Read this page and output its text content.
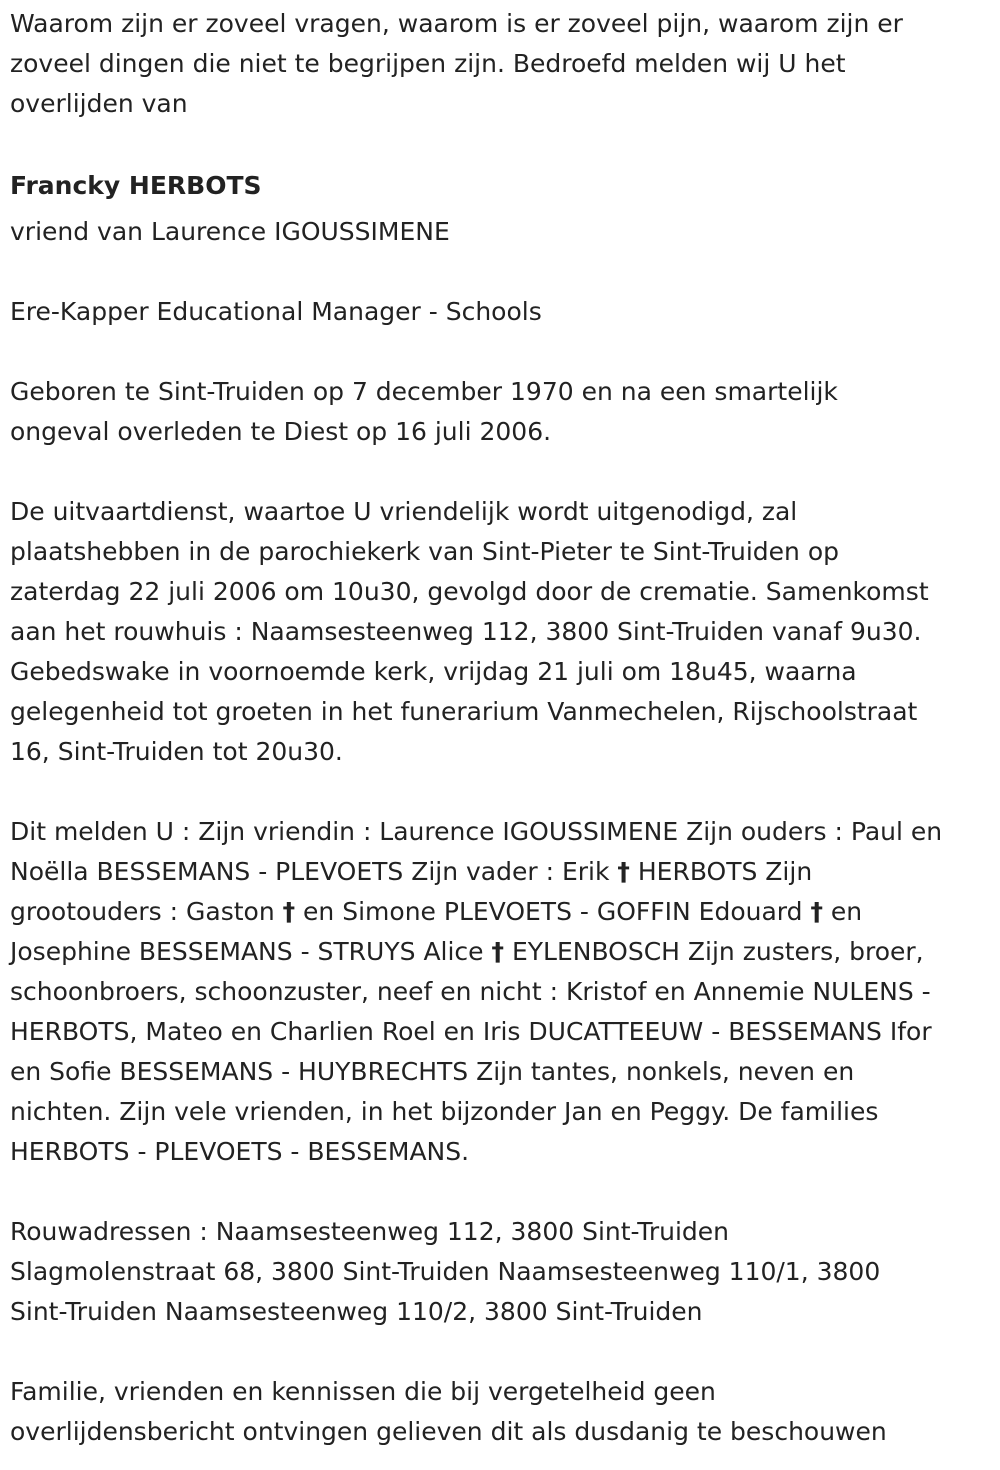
Waarom zijn er zoveel vragen, waarom is er zoveel pijn, waarom zijn er
zoveel dingen die niet te begrijpen zijn. Bedroefd melden wij U het
overlijden van
Francky HERBOTS
vriend van Laurence IGOUSSIMENE
Ere-Kapper Educational Manager - Schools
Geboren te Sint-Truiden op 7 december 1970 en na een smartelijk
ongeval overleden te Diest op 16 juli 2006.
De uitvaartdienst, waartoe U vriendelijk wordt uitgenodigd, zal
plaatshebben in de parochiekerk van Sint-Pieter te Sint-Truiden op
zaterdag 22 juli 2006 om 10u30, gevolgd door de crematie. Samenkomst
aan het rouwhuis : Naamsesteenweg 112, 3800 Sint-Truiden vanaf 9u30.
Gebedswake in voornoemde kerk, vrijdag 21 juli om 18u45, waarna
gelegenheid tot groeten in het funerarium Vanmechelen, Rijschoolstraat
16, Sint-Truiden tot 20u30.
Dit melden U : Zijn vriendin : Laurence IGOUSSIMENE Zijn ouders : Paul en
Noëlla BESSEMANS - PLEVOETS Zijn vader : Erik † HERBOTS Zijn
grootouders : Gaston † en Simone PLEVOETS - GOFFIN Edouard † en
Josephine BESSEMANS - STRUYS Alice † EYLENBOSCH Zijn zusters, broer,
schoonbroers, schoonzuster, neef en nicht : Kristof en Annemie NULENS -
HERBOTS, Mateo en Charlien Roel en Iris DUCATTEEUW - BESSEMANS Ifor
en Sofie BESSEMANS - HUYBRECHTS Zijn tantes, nonkels, neven en
nichten. Zijn vele vrienden, in het bijzonder Jan en Peggy. De families
HERBOTS - PLEVOETS - BESSEMANS.
Rouwadressen : Naamsesteenweg 112, 3800 Sint-Truiden
Slagmolenstraat 68, 3800 Sint-Truiden Naamsesteenweg 110/1, 3800
Sint-Truiden Naamsesteenweg 110/2, 3800 Sint-Truiden
Familie, vrienden en kennissen die bij vergetelheid geen
overlijdensbericht ontvingen gelieven dit als dusdanig te beschouwen
